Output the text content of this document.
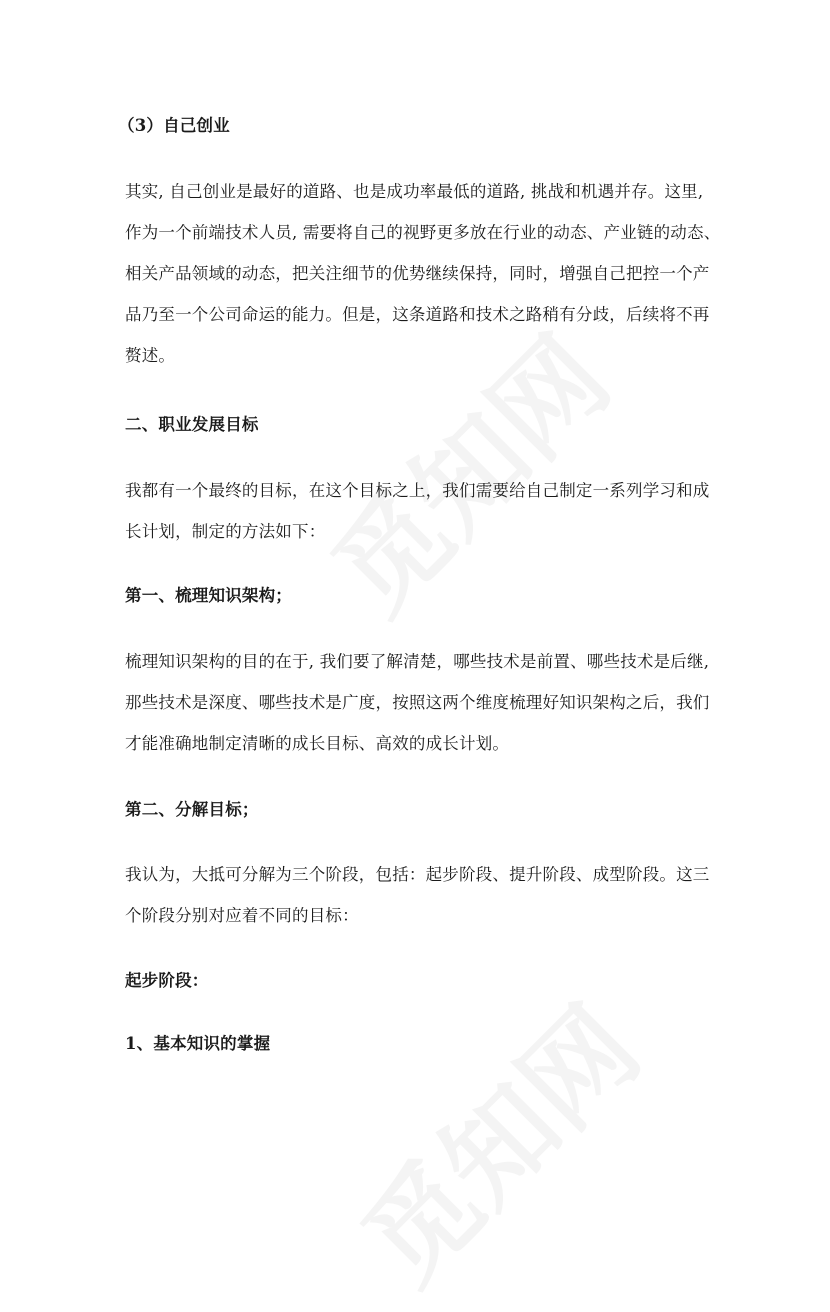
（3）自己创业
其实, 自己创业是最好的道路、也是成功率最低的道路, 挑战和机遇并存。这里,
作为一个前端技术人员, 需要将自己的视野更多放在行业的动态、产业链的动态、
相关产品领域的动态，把关注细节的优势继续保持，同时，增强自己把控一个产
品乃至一个公司命运的能力。但是，这条道路和技术之路稍有分歧，后续将不再
赘述。
二、职业发展目标
我都有一个最终的目标，在这个目标之上，我们需要给自己制定一系列学习和成
长计划，制定的方法如下：
第一、梳理知识架构；
梳理知识架构的目的在于, 我们要了解清楚，哪些技术是前置、哪些技术是后继,
那些技术是深度、哪些技术是广度，按照这两个维度梳理好知识架构之后，我们
才能准确地制定清晰的成长目标、高效的成长计划。
第二、分解目标；
我认为，大抵可分解为三个阶段，包括：起步阶段、提升阶段、成型阶段。这三
个阶段分别对应着不同的目标：
起步阶段：
1、基本知识的掌握
